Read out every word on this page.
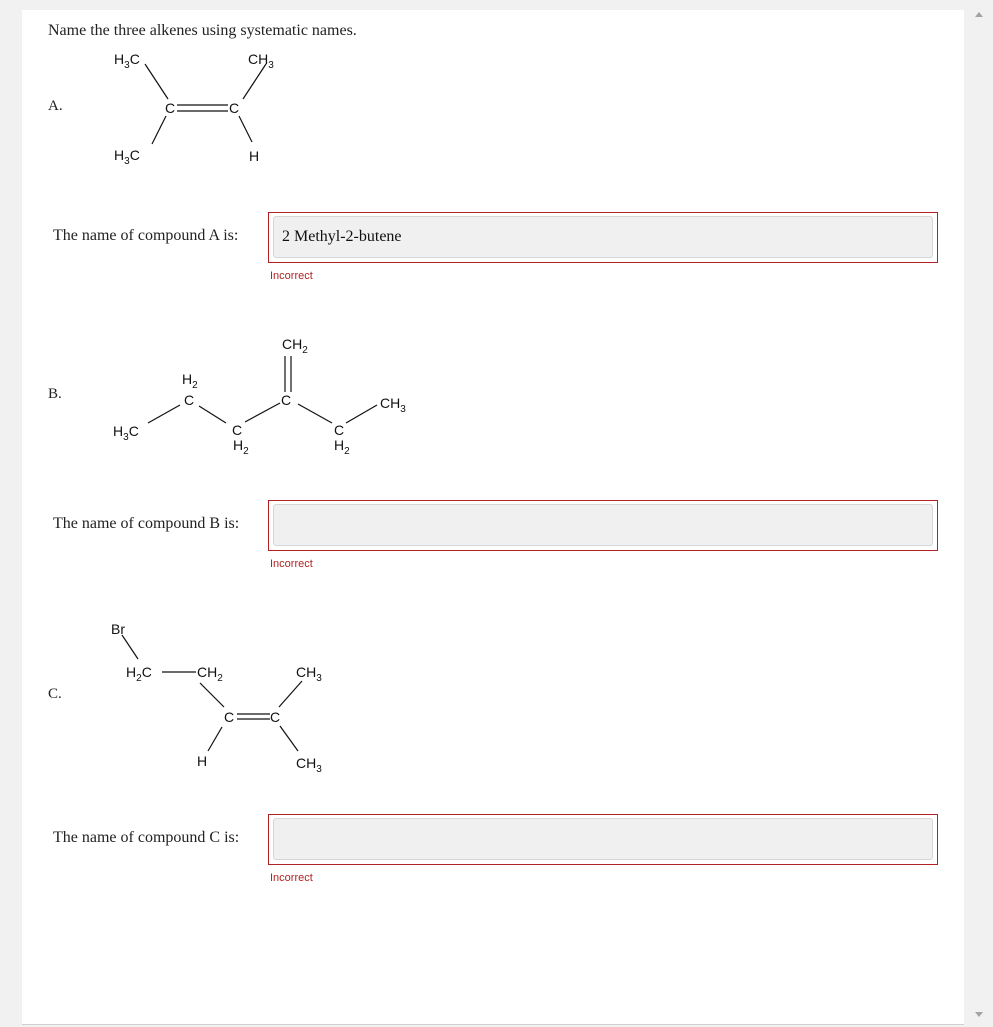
Name the three alkenes using systematic names.
A.
$H_3C$	$CH_3$
C	C
$H_3C$	H
The name of compound A is:
2 Methyl-2-butene
Incorrect
B.
$CH_2$
$H_2$
C	C
C
$H_2$
C
$H_2$
$H_3C$
$CH_3$
The name of compound B is:
Incorrect
C.
Br
$H_2C$	$CH_2$	$CH_3$
C	C
H	$CH_3$
The name of compound C is:
Incorrect
